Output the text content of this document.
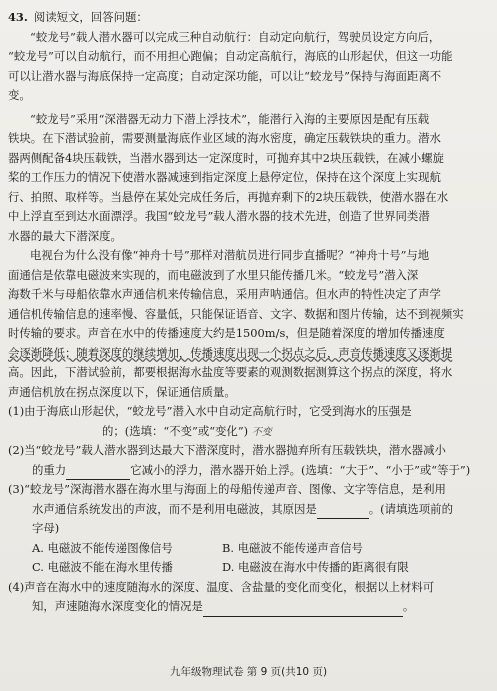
43. 阅读短文，回答问题：
“蛟龙号”载人潜水器可以完成三种自动航行：自动定向航行，驾驶员设定方向后，
“蛟龙号”可以自动航行，而不用担心跑偏；自动定高航行，海底的山形起伏，但这一功能
可以让潜水器与海底保持一定高度；自动定深功能，可以让“蛟龙号”保持与海面距离不
变。
“蛟龙号”采用“深潜器无动力下潜上浮技术”，能潜行入海的主要原因是配有压载
铁块。在下潜试验前，需要测量海底作业区域的海水密度，确定压载铁块的重力。潜水
器两侧配备4块压载铁，当潜水器到达一定深度时，可抛弃其中2块压载铁，在减小螺旋
桨的工作压力的情况下使潜水器减速到指定深度上悬停定位，保持在这个深度上实现航
行、拍照、取样等。当悬停在某处完成任务后，再抛弃剩下的2块压载铁，使潜水器在水
中上浮直至到达水面漂浮。我国“蛟龙号”载人潜水器的技术先进，创造了世界同类潜
水器的最大下潜深度。
电视台为什么没有像“神舟十号”那样对潜航员进行同步直播呢？“神舟十号”与地
面通信是依靠电磁波来实现的，而电磁波到了水里只能传播几米。“蛟龙号”潜入深
海数千米与母船依靠水声通信机来传输信息，采用声呐通信。但水声的特性决定了声学
通信机传输信息的速率慢、容量低，只能保证语音、文字、数据和图片传输，达不到视频实
时传输的要求。声音在水中的传播速度大约是1500m/s，但是随着深度的增加传播速度
会逐渐降低；随着深度的继续增加，传播速度出现一个拐点之后，声音传播速度又逐渐提
高。因此，下潜试验前，都要根据海水盐度等要素的观测数据测算这个拐点的深度，将水
声通信机放在拐点深度以下，保证通信质量。
(1)由于海底山形起伏，“蛟龙号”潜入水中自动定高航行时，它受到海水的压强是
的；(选填：“不变”或“变化”) 不变
(2)当“蛟龙号”载人潜水器到达最大下潜深度时，潜水器抛弃所有压载铁块，潜水器减小
的重力	它减小的浮力，潜水器开始上浮。(选填：“大于”、“小于”或“等于”)
(3)“蛟龙号”深海潜水器在海水里与海面上的母船传递声音、图像、文字等信息，是利用
水声通信系统发出的声波，而不是利用电磁波，其原因是	。(请填选项前的
字母)
A. 电磁波不能传递图像信号	B. 电磁波不能传递声音信号
C. 电磁波不能在海水里传播	D. 电磁波在海水中传播的距离很有限
(4)声音在海水中的速度随海水的深度、温度、含盐量的变化而变化，根据以上材料可
知，声速随海水深度变化的情况是	。
九年级物理试卷 第 9 页(共10 页)
